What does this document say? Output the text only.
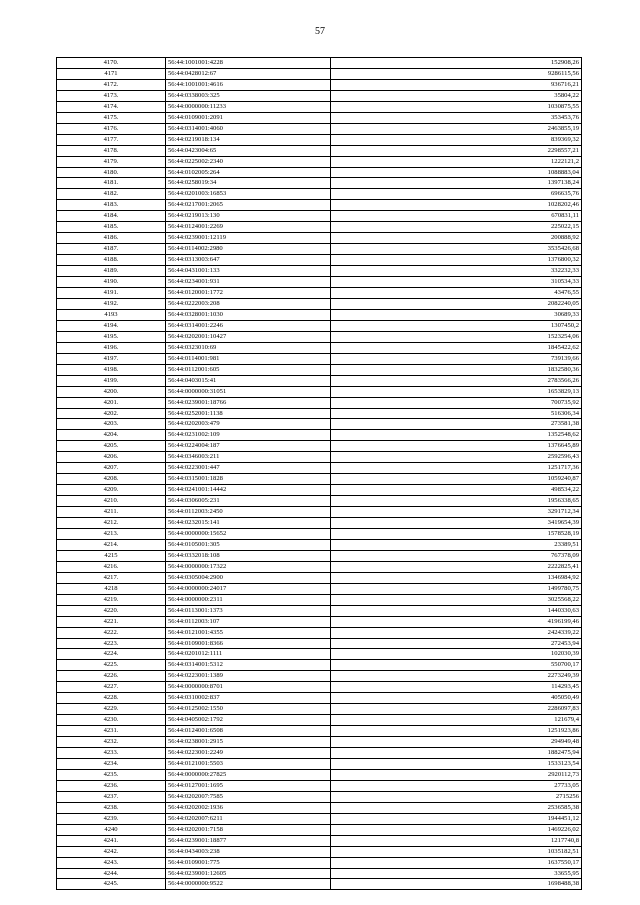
57
4170.	56:44:1001001:4228	152908,26
4171	56:44:0428012:67	9286115,56
4172.	56:44:1001001:4616	936716,21
4173.	56:44:0338003:325	35804,22
4174.	56:44:0000000:11233	1030875,55
4175.	56:44:0109001:2091	353453,76
4176.	56:44:0314001:4060	2463855,19
4177.	56:44:0219018:134	839369,32
4178.	56:44:0423004:65	2298557,21
4179.	56:44:0225002:2340	1222121,2
4180.	56:44:0102005:264	1088883,04
4181.	56:44:0258019:34	1397138,24
4182.	56:44:0201003:16853	696635,76
4183.	56:44:0217001:2065	1028202,46
4184.	56:44:0219013:130	670831,11
4185.	56:44:0124001:2269	225022,15
4186.	56:44:0239001:12119	200888,92
4187.	56:44:0114002:2980	3535426,68
4188.	56:44:0313003:647	1376800,32
4189.	56:44:0431001:133	332232,33
4190.	56:44:0234001:931	310534,33
4191.	56:44:0120001:1772	43476,55
4192.	56:44:0222003:208	2082240,05
4193	56:44:0328001:1030	30689,33
4194.	56:44:0314001:2246	1307450,2
4195.	56:44:0202001:10427	1523254,06
4196.	56:44:0323010:69	1845422,62
4197.	56:44:0114001:981	739139,66
4198.	56:44:0112001:605	1832580,36
4199.	56:44:0403015:41	2783566,26
4200.	56:44:0000000:31051	1653829,13
4201.	56:44:0239001:18766	700735,92
4202.	56:44:0252001:1138	516306,34
4203.	56:44:0202003:479	273581,38
4204.	56:44:0231002:109	1352548,62
4205.	56:44:0224004:187	1376645,89
4206.	56:44:0346003:211	2592596,43
4207.	56:44:0223001:447	1251717,36
4208.	56:44:0315001:1828	1059240,87
4209.	56:44:0241001:14442	498534,22
4210.	56:44:0306005:231	1956338,65
4211.	56:44:0112003:2450	3291712,34
4212.	56:44:0232015:141	3419654,39
4213.	56:44:0000000:15652	1578528,19
4214.	56:44:0105001:305	23389,51
4215	56:44:0332018:108	767378,09
4216.	56:44:0000000:17322	2222825,41
4217.	56:44:0305004:2900	1346984,92
4218	56:44:0000000:24017	1499780,75
4219.	56:44:0000000:2311	3025568,22
4220.	56:44:0113001:1373	1440330,63
4221.	56:44:0112003:107	4196199,46
4222.	56:44:0121001:4355	2424339,22
4223.	56:44:0109001:8366	272453,94
4224.	56:44:0201012:1111	102030,39
4225.	56:44:0314001:5312	550700,17
4226.	56:44:0223001:1389	2273249,39
4227.	56:44:0000000:8701	114293,45
4228.	56:44:0310002:837	405050,49
4229.	56:44:0125002:1550	2286097,83
4230.	56:44:0405002:1792	121679,4
4231.	56:44:0124001:6508	1251923,86
4232.	56:44:0238001:2915	294949,48
4233.	56:44:0223001:2249	1882475,94
4234.	56:44:0121001:5503	1533123,54
4235.	56:44:0000000:27825	2920112,73
4236.	56:44:0127001:1695	27733,05
4237.	56:44:0202007:7585	2715256
4238.	56:44:0202002:1936	2536585,38
4239.	56:44:0202007:6211	1944451,12
4240	56:44:0202001:7158	1469226,02
4241.	56:44:0239001:18877	1217740,8
4242.	56:44:0434003:238	1035182,51
4243.	56:44:0109001:775	1637550,17
4244.	56:44:0239001:12605	33655,95
4245.	56:44:0000000:9522	1698488,38
